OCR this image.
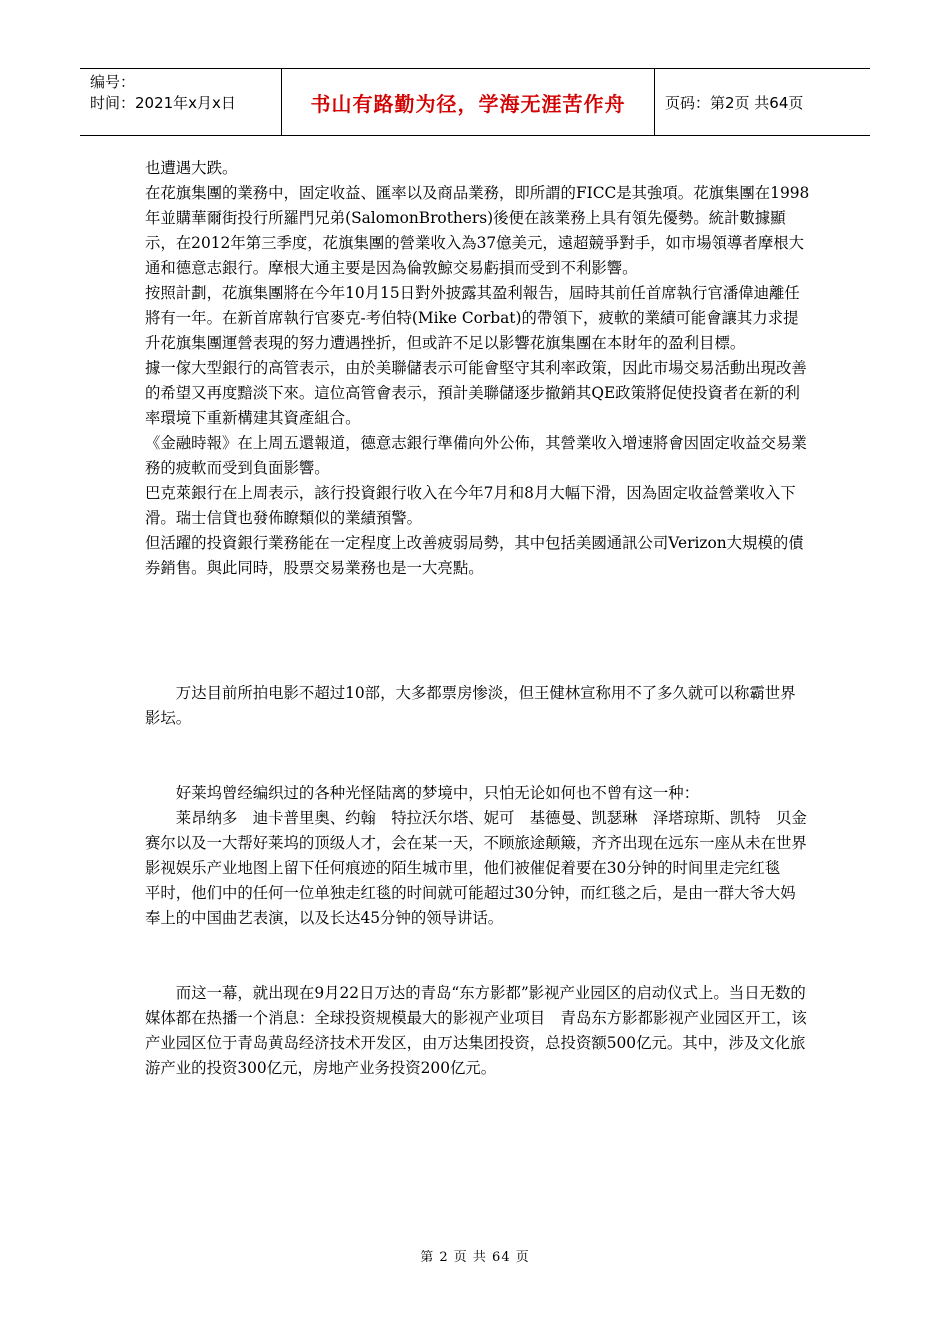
编号：
时间：2021年x月x日	书山有路勤为径，学海无涯苦作舟	页码：第2页 共64页

也遭遇大跌。

在花旗集團的業務中，固定收益、匯率以及商品業務，即所謂的FICC是其強項。花旗集團在1998年並購華爾街投行所羅門兄弟(SalomonBrothers)後便在該業務上具有領先優勢。統計數據顯示，在2012年第三季度，花旗集團的營業收入為37億美元，遠超競爭對手，如市場領導者摩根大通和德意志銀行。摩根大通主要是因為倫敦鯨交易虧損而受到不利影響。

按照計劃，花旗集團將在今年10月15日對外披露其盈利報告，屆時其前任首席執行官潘偉迪離任將有一年。在新首席執行官麥克-考伯特(Mike Corbat)的帶領下，疲軟的業績可能會讓其力求提升花旗集團運營表現的努力遭遇挫折，但或許不足以影響花旗集團在本財年的盈利目標。

據一傢大型銀行的高管表示，由於美聯儲表示可能會堅守其利率政策，因此市場交易活動出現改善的希望又再度黯淡下來。這位高管會表示，預計美聯儲逐步撤銷其QE政策將促使投資者在新的利率環境下重新構建其資產組合。

《金融時報》在上周五還報道，德意志銀行準備向外公佈，其營業收入增速將會因固定收益交易業務的疲軟而受到負面影響。

巴克萊銀行在上周表示，該行投資銀行收入在今年7月和8月大幅下滑，因為固定收益營業收入下滑。瑞士信貸也發佈瞭類似的業績預警。

但活躍的投資銀行業務能在一定程度上改善疲弱局勢，其中包括美國通訊公司Verizon大規模的債券銷售。與此同時，股票交易業務也是一大亮點。

万达目前所拍电影不超过10部，大多都票房惨淡，但王健林宣称用不了多久就可以称霸世界影坛。

好莱坞曾经编织过的各种光怪陆离的梦境中，只怕无论如何也不曾有这一种：

莱昂纳多　迪卡普里奥、约翰　特拉沃尔塔、妮可　基德曼、凯瑟琳　泽塔琼斯、凯特　贝金赛尔以及一大帮好莱坞的顶级人才，会在某一天，不顾旅途颠簸，齐齐出现在远东一座从未在世界影视娱乐产业地图上留下任何痕迹的陌生城市里，他们被催促着要在30分钟的时间里走完红毯　平时，他们中的任何一位单独走红毯的时间就可能超过30分钟，而红毯之后，是由一群大爷大妈奉上的中国曲艺表演，以及长达45分钟的领导讲话。

而这一幕，就出现在9月22日万达的青岛“东方影都”影视产业园区的启动仪式上。当日无数的媒体都在热播一个消息：全球投资规模最大的影视产业项目　青岛东方影都影视产业园区开工，该产业园区位于青岛黄岛经济技术开发区，由万达集团投资，总投资额500亿元。其中，涉及文化旅游产业的投资300亿元，房地产业务投资200亿元。

第 2 页 共 64 页
